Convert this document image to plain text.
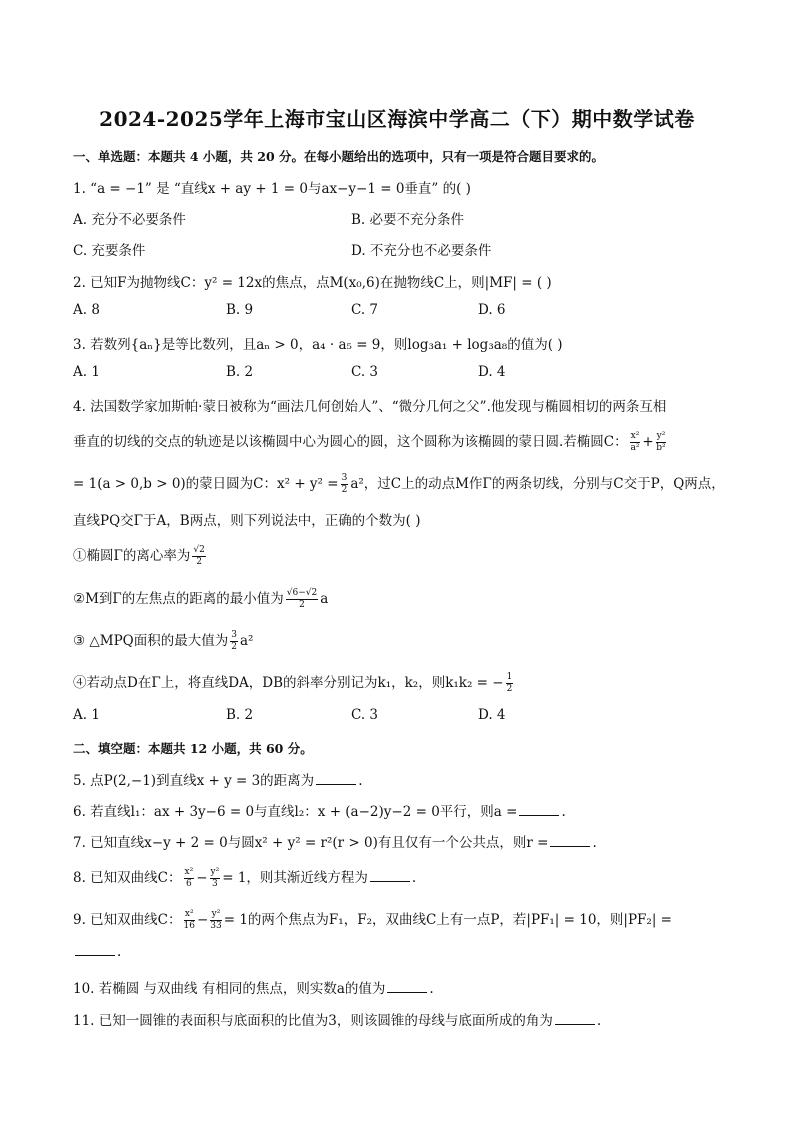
2024-2025学年上海市宝山区海滨中学高二（下）期中数学试卷
一、单选题：本题共 4 小题，共 20 分。在每小题给出的选项中，只有一项是符合题目要求的。
1. “a = −1” 是 “直线x + ay + 1 = 0与ax−y−1 = 0垂直” 的( )
A. 充分不必要条件	B. 必要不充分条件
C. 充要条件	D. 不充分也不必要条件
2. 已知F为抛物线C：y² = 12x的焦点，点M(x₀,6)在抛物线C上，则|MF| = ( )
A. 8	B. 9	C. 7	D. 6
3. 若数列{aₙ}是等比数列，且aₙ > 0，a₄ · a₅ = 9，则log₃a₁ + log₃a₈的值为( )
A. 1	B. 2	C. 3	D. 4
4. 法国数学家加斯帕·蒙日被称为“画法几何创始人”、“微分几何之父”.他发现与椭圆相切的两条互相
垂直的切线的交点的轨迹是以该椭圆中心为圆心的圆，这个圆称为该椭圆的蒙日圆.若椭圆C： $\frac{\text{x²}}{\text{a²}} + \frac{\text{y²}}{\text{b²}}$
= 1(a > 0,b > 0)的蒙日圆为C：$x^2 + y^2 = \frac{3}{2} a^2$，过C上的动点M作Γ的两条切线，分别与C交于P，Q两点，
直线PQ交Γ于A，B两点，则下列说法中，正确的个数为( )
①椭圆Γ的离心率为 $\frac{√2}{2}$
②M到Γ的左焦点的距离的最小值为 $\frac{√6-√2}{2}$ a
③ △MPQ面积的最大值为 $\frac{3}{2} a^2$
④若动点D在Γ上，将直线DA，DB的斜率分别记为k₁，k₂，则k₁k₂ = − $\frac{1}{2}$
A. 1	B. 2	C. 3	D. 4
二、填空题：本题共 12 小题，共 60 分。
5. 点P(2,−1)到直线x + y = 3的距离为	.
6. 若直线l₁：ax + 3y−6 = 0与直线l₂：x + (a−2)y−2 = 0平行，则a =	.
7. 已知直线x−y + 2 = 0与圆x² + y² = r²(r > 0)有且仅有一个公共点，则r =	.
8. 已知双曲线C： $\frac{\text{x²}}{6} - \frac{\text{y²}}{3} = 1$，则其渐近线方程为	.
9. 已知双曲线C： $\frac{\text{x²}}{16} - \frac{\text{y²}}{33} = 1$的两个焦点为F₁，F₂，双曲线C上有一点P，若|PF₁| = 10，则|PF₂| =
.
10. 若椭圆 与双曲线 有相同的焦点，则实数a的值为	.
11. 已知一圆锥的表面积与底面积的比值为3，则该圆锥的母线与底面所成的角为	.
